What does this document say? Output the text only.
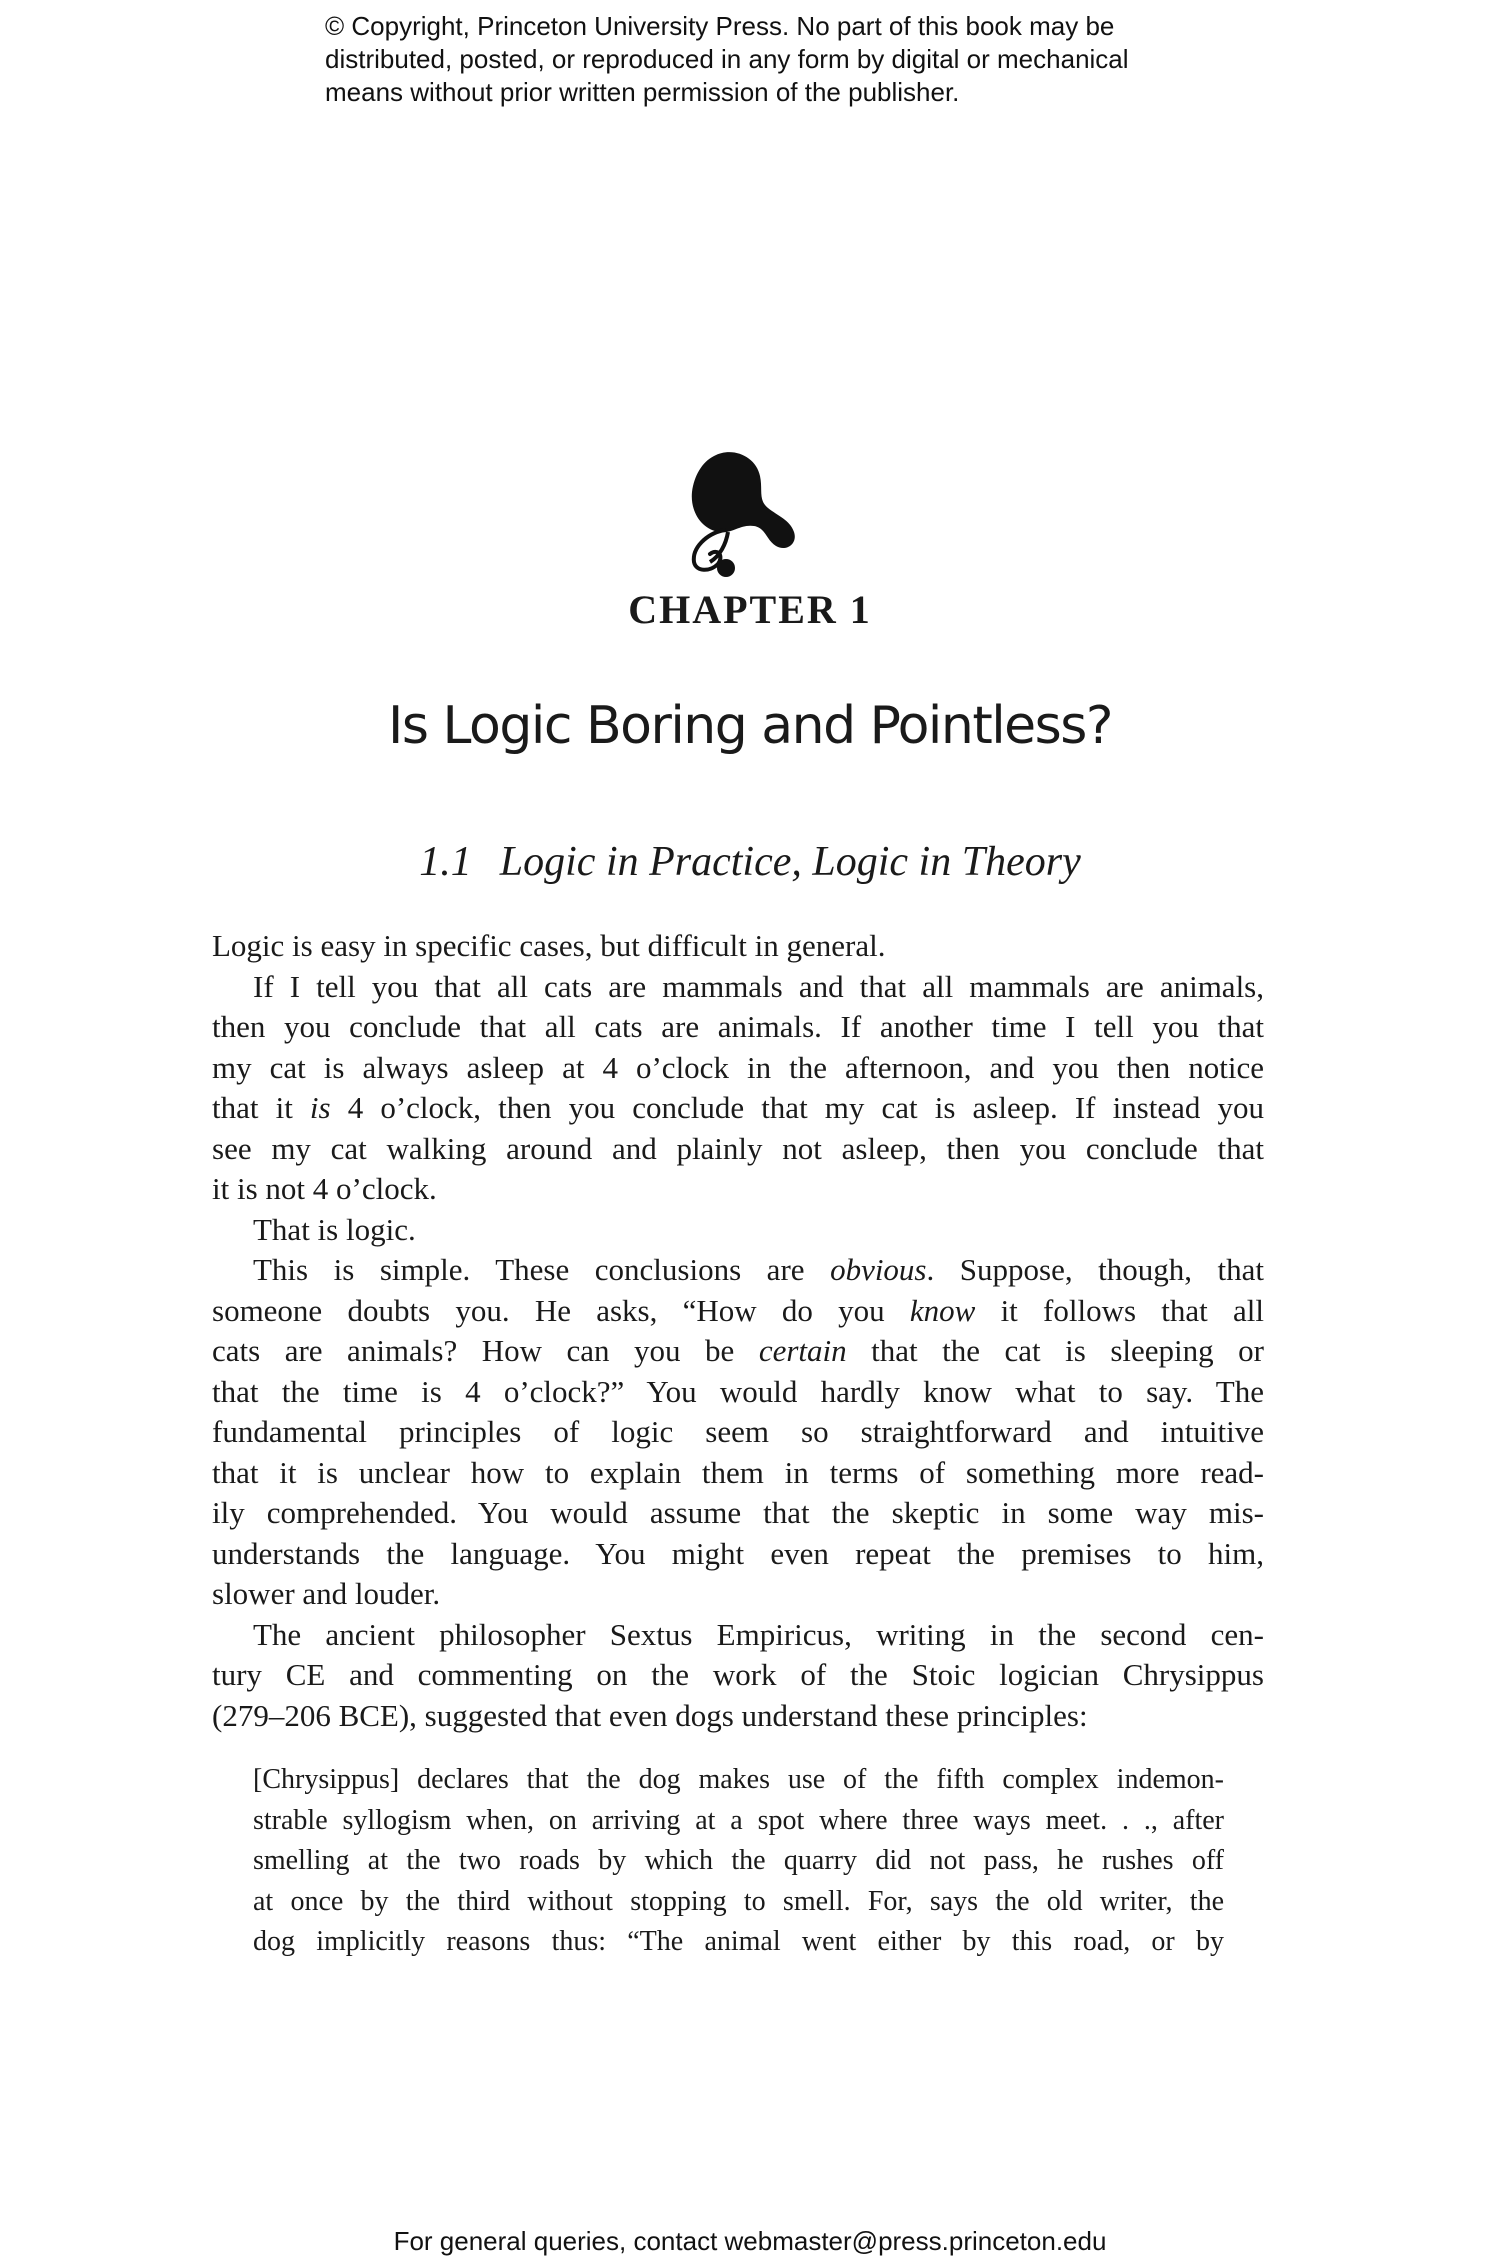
© Copyright, Princeton University Press. No part of this book may be
distributed, posted, or reproduced in any form by digital or mechanical
means without prior written permission of the publisher.
CHAPTER 1
Is Logic Boring and Pointless?
1.1 Logic in Practice, Logic in Theory
Logic is easy in specific cases, but difficult in general.
If I tell you that all cats are mammals and that all mammals are animals,
then you conclude that all cats are animals. If another time I tell you that
my cat is always asleep at 4 o’clock in the afternoon, and you then notice
that it is 4 o’clock, then you conclude that my cat is asleep. If instead you
see my cat walking around and plainly not asleep, then you conclude that
it is not 4 o’clock.
That is logic.
This is simple. These conclusions are obvious. Suppose, though, that
someone doubts you. He asks, “How do you know it follows that all
cats are animals? How can you be certain that the cat is sleeping or
that the time is 4 o’clock?” You would hardly know what to say. The
fundamental principles of logic seem so straightforward and intuitive
that it is unclear how to explain them in terms of something more read-
ily comprehended. You would assume that the skeptic in some way mis-
understands the language. You might even repeat the premises to him,
slower and louder.
The ancient philosopher Sextus Empiricus, writing in the second cen-
tury CE and commenting on the work of the Stoic logician Chrysippus
(279–206 BCE), suggested that even dogs understand these principles:
[Chrysippus] declares that the dog makes use of the fifth complex indemon-
strable syllogism when, on arriving at a spot where three ways meet. . ., after
smelling at the two roads by which the quarry did not pass, he rushes off
at once by the third without stopping to smell. For, says the old writer, the
dog implicitly reasons thus: “The animal went either by this road, or by
For general queries, contact webmaster@press.princeton.edu
